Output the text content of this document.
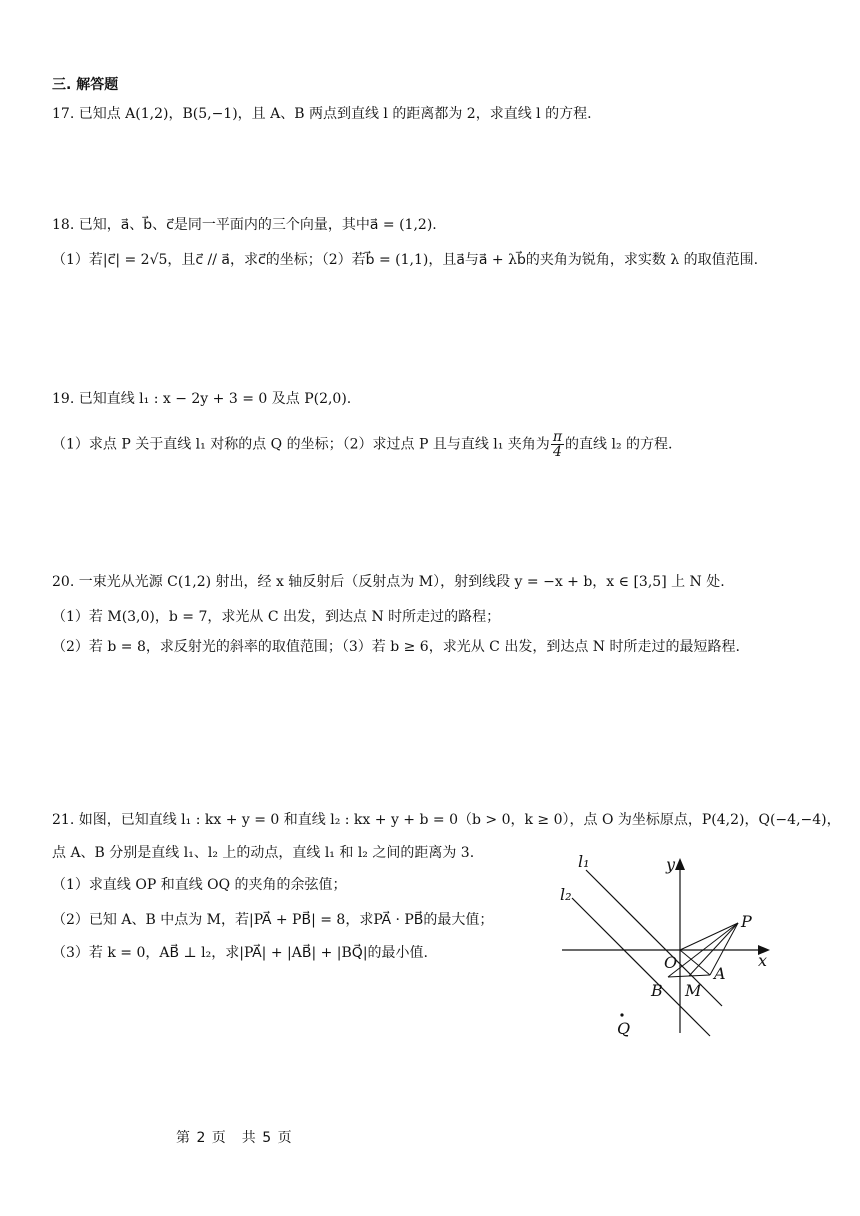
三. 解答题
17. 已知点 A(1,2)，B(5,−1)，且 A、B 两点到直线 l 的距离都为 2，求直线 l 的方程.
18. 已知，a⃗、b⃗、c⃗是同一平面内的三个向量，其中a⃗ = (1,2).
（1）若|c⃗| = 2√5，且c⃗ // a⃗，求c⃗的坐标；（2）若b⃗ = (1,1)，且a⃗与a⃗ + λb⃗的夹角为锐角，求实数 λ 的取值范围.
19. 已知直线 l₁ : x − 2y + 3 = 0 及点 P(2,0).
（1）求点 P 关于直线 l₁ 对称的点 Q 的坐标；（2）求过点 P 且与直线 l₁ 夹角为 $\frac{\pi}{4}$ 的直线 l₂ 的方程.
20. 一束光从光源 C(1,2) 射出，经 x 轴反射后（反射点为 M），射到线段 y = −x + b，x ∈ [3,5] 上 N 处.
（1）若 M(3,0)，b = 7，求光从 C 出发，到达点 N 时所走过的路程；
（2）若 b = 8，求反射光的斜率的取值范围；（3）若 b ≥ 6，求光从 C 出发，到达点 N 时所走过的最短路程.
21. 如图，已知直线 l₁ : kx + y = 0 和直线 l₂ : kx + y + b = 0（b > 0，k ≥ 0），点 O 为坐标原点，P(4,2)，Q(−4,−4)，
点 A、B 分别是直线 l₁、l₂ 上的动点，直线 l₁ 和 l₂ 之间的距离为 3.
（1）求直线 OP 和直线 OQ 的夹角的余弦值；
（2）已知 A、B 中点为 M，若|PA⃗ + PB⃗| = 8，求PA⃗ · PB⃗的最大值；
（3）若 k = 0，AB⃗ ⊥ l₂，求|PA⃗| + |AB⃗| + |BQ⃗|的最小值.
l₁
l₂
y
x
P
O
A
B M
Q
第 2 页　共 5 页
